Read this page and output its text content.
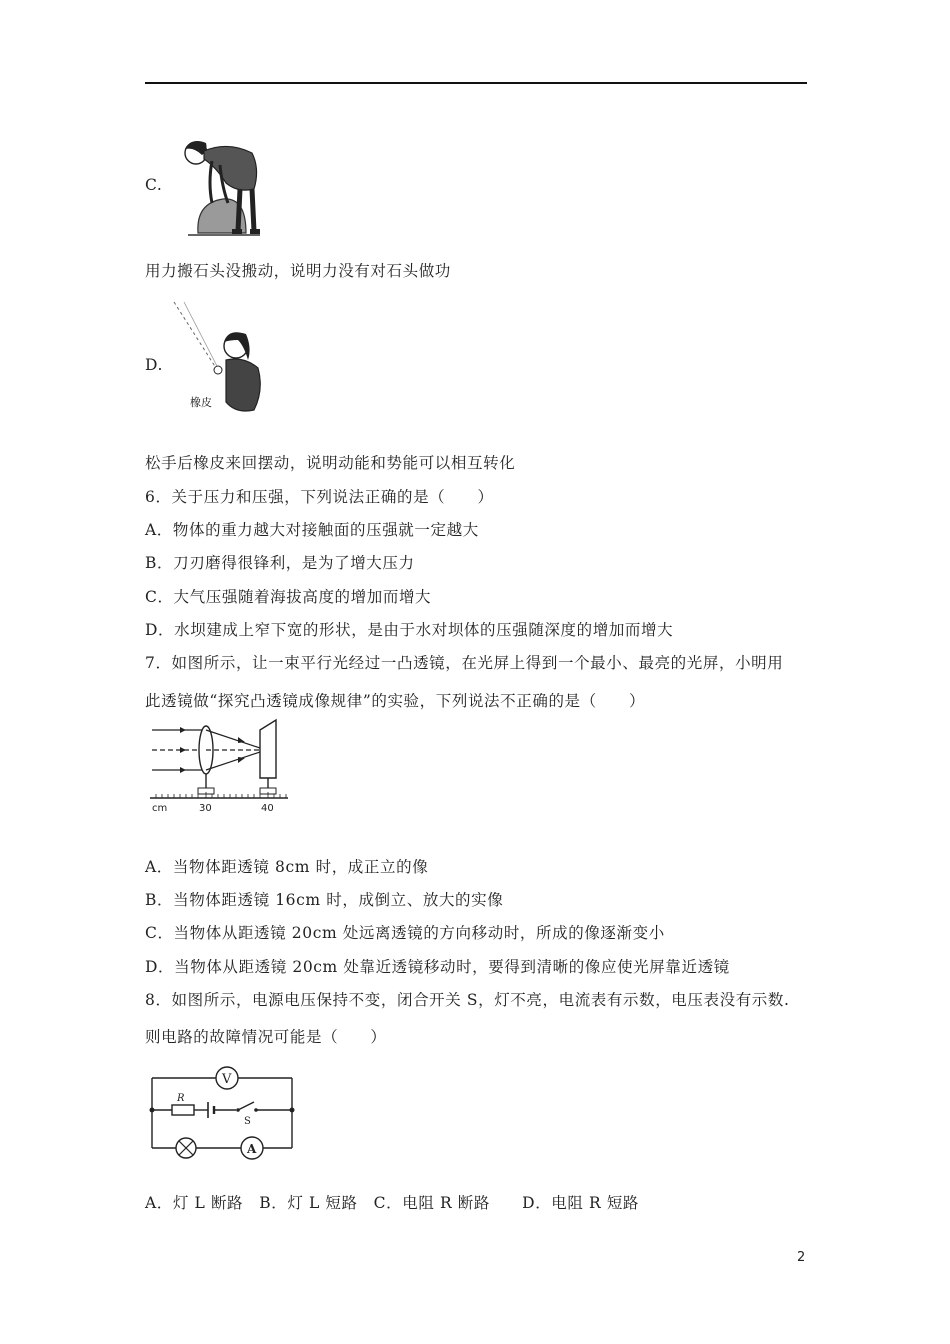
C.
用力搬石头没搬动，说明力没有对石头做功
D.
橡皮
松手后橡皮来回摆动，说明动能和势能可以相互转化
6．关于压力和压强，下列说法正确的是（　　）
A．物体的重力越大对接触面的压强就一定越大
B．刀刃磨得很锋利，是为了增大压力
C．大气压强随着海拔高度的增加而增大
D．水坝建成上窄下宽的形状，是由于水对坝体的压强随深度的增加而增大
7．如图所示，让一束平行光经过一凸透镜，在光屏上得到一个最小、最亮的光屏，小明用
此透镜做“探究凸透镜成像规律”的实验，下列说法不正确的是（　　）
cm	30	40
A．当物体距透镜 8cm 时，成正立的像
B．当物体距透镜 16cm 时，成倒立、放大的实像
C．当物体从距透镜 20cm 处远离透镜的方向移动时，所成的像逐渐变小
D．当物体从距透镜 20cm 处靠近透镜移动时，要得到清晰的像应使光屏靠近透镜
8．如图所示，电源电压保持不变，闭合开关 S，灯不亮，电流表有示数，电压表没有示数.
则电路的故障情况可能是（　　）
V
R
S
A
A．灯 L 断路　B．灯 L 短路　C．电阻 R 断路　　D．电阻 R 短路
2
